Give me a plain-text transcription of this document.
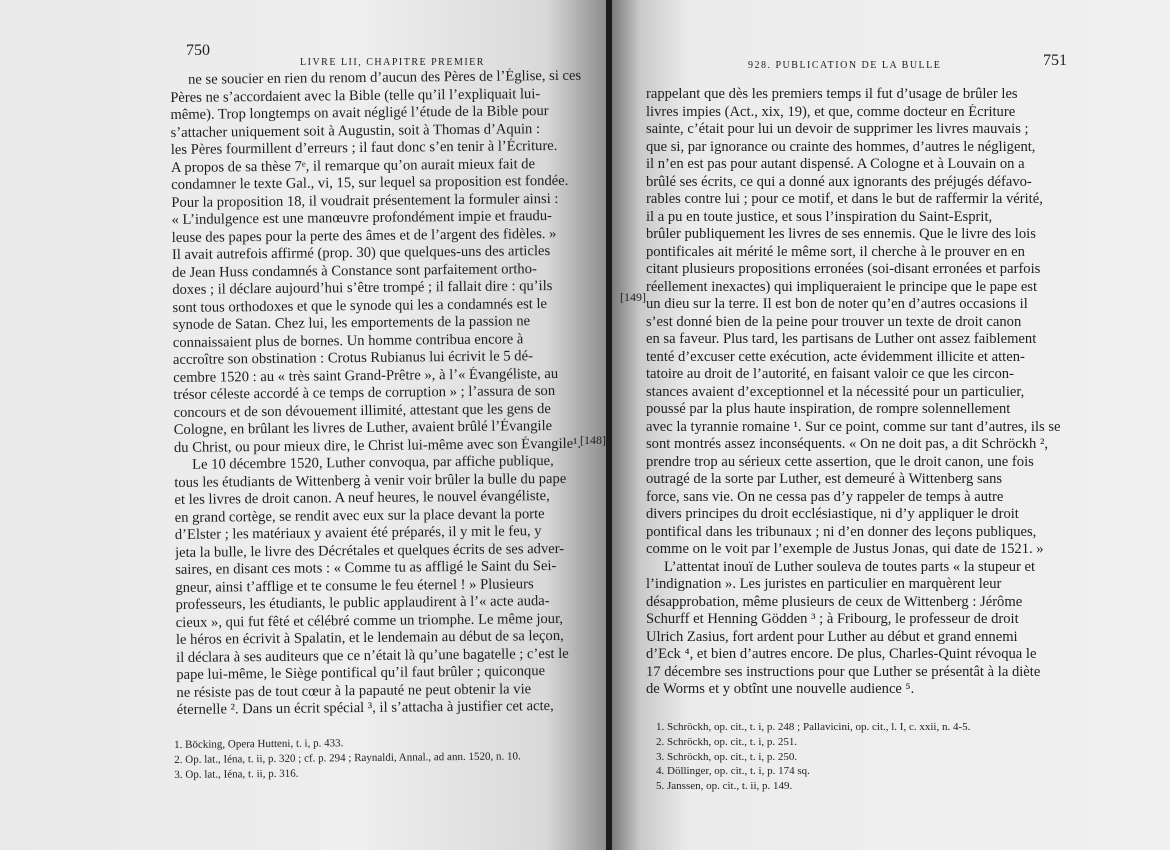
750
LIVRE LII, CHAPITRE PREMIER
ne se soucier en rien du renom d’aucun des Pères de l’Église, si ces
Pères ne s’accordaient avec la Bible (telle qu’il l’expliquait lui-
même). Trop longtemps on avait négligé l’étude de la Bible pour
s’attacher uniquement soit à Augustin, soit à Thomas d’Aquin :
les Pères fourmillent d’erreurs ; il faut donc s’en tenir à l’Écriture.
A propos de sa thèse 7ᵉ, il remarque qu’on aurait mieux fait de
condamner le texte Gal., vi, 15, sur lequel sa proposition est fondée.
Pour la proposition 18, il voudrait présentement la formuler ainsi :
« L’indulgence est une manœuvre profondément impie et fraudu-
leuse des papes pour la perte des âmes et de l’argent des fidèles. »
Il avait autrefois affirmé (prop. 30) que quelques-uns des articles
de Jean Huss condamnés à Constance sont parfaitement ortho-
doxes ; il déclare aujourd’hui s’être trompé ; il fallait dire : qu’ils
sont tous orthodoxes et que le synode qui les a condamnés est le
synode de Satan. Chez lui, les emportements de la passion ne
connaissaient plus de bornes. Un homme contribua encore à
accroître son obstination : Crotus Rubianus lui écrivit le 5 dé-
cembre 1520 : au « très saint Grand-Prêtre », à l’« Évangéliste, au
trésor céleste accordé à ce temps de corruption » ; l’assura de son
concours et de son dévouement illimité, attestant que les gens de
Cologne, en brûlant les livres de Luther, avaient brûlé l’Évangile
du Christ, ou pour mieux dire, le Christ lui-même avec son Évangile¹.
Le 10 décembre 1520, Luther convoqua, par affiche publique,
tous les étudiants de Wittenberg à venir voir brûler la bulle du pape
et les livres de droit canon. A neuf heures, le nouvel évangéliste,
en grand cortège, se rendit avec eux sur la place devant la porte
d’Elster ; les matériaux y avaient été préparés, il y mit le feu, y
jeta la bulle, le livre des Décrétales et quelques écrits de ses adver-
saires, en disant ces mots : « Comme tu as affligé le Saint du Sei-
gneur, ainsi t’afflige et te consume le feu éternel ! » Plusieurs
professeurs, les étudiants, le public applaudirent à l’« acte auda-
cieux », qui fut fêté et célébré comme un triomphe. Le même jour,
le héros en écrivit à Spalatin, et le lendemain au début de sa leçon,
il déclara à ses auditeurs que ce n’était là qu’une bagatelle ; c’est le
pape lui-même, le Siège pontifical qu’il faut brûler ; quiconque
ne résiste pas de tout cœur à la papauté ne peut obtenir la vie
éternelle ². Dans un écrit spécial ³, il s’attacha à justifier cet acte,
[148]
1. Böcking, Opera Hutteni, t. i, p. 433.
2. Op. lat., Iéna, t. ii, p. 320 ; cf. p. 294 ; Raynaldi, Annal., ad ann. 1520, n. 10.
3. Op. lat., Iéna, t. ii, p. 316.
928. PUBLICATION DE LA BULLE	751
rappelant que dès les premiers temps il fut d’usage de brûler les
livres impies (Act., xix, 19), et que, comme docteur en Écriture
sainte, c’était pour lui un devoir de supprimer les livres mauvais ;
que si, par ignorance ou crainte des hommes, d’autres le négligent,
il n’en est pas pour autant dispensé. A Cologne et à Louvain on a
brûlé ses écrits, ce qui a donné aux ignorants des préjugés défavo-
rables contre lui ; pour ce motif, et dans le but de raffermir la vérité,
il a pu en toute justice, et sous l’inspiration du Saint-Esprit,
brûler publiquement les livres de ses ennemis. Que le livre des lois
pontificales ait mérité le même sort, il cherche à le prouver en en
citant plusieurs propositions erronées (soi-disant erronées et parfois
réellement inexactes) qui impliqueraient le principe que le pape est
un dieu sur la terre. Il est bon de noter qu’en d’autres occasions il
s’est donné bien de la peine pour trouver un texte de droit canon
en sa faveur. Plus tard, les partisans de Luther ont assez faiblement
tenté d’excuser cette exécution, acte évidemment illicite et atten-
tatoire au droit de l’autorité, en faisant valoir ce que les circon-
stances avaient d’exceptionnel et la nécessité pour un particulier,
poussé par la plus haute inspiration, de rompre solennellement
avec la tyrannie romaine ¹. Sur ce point, comme sur tant d’autres, ils se
sont montrés assez inconséquents. « On ne doit pas, a dit Schröckh ²,
prendre trop au sérieux cette assertion, que le droit canon, une fois
outragé de la sorte par Luther, est demeuré à Wittenberg sans
force, sans vie. On ne cessa pas d’y rappeler de temps à autre
divers principes du droit ecclésiastique, ni d’y appliquer le droit
pontifical dans les tribunaux ; ni d’en donner des leçons publiques,
comme on le voit par l’exemple de Justus Jonas, qui date de 1521. »
L’attentat inouï de Luther souleva de toutes parts « la stupeur et
l’indignation ». Les juristes en particulier en marquèrent leur
désapprobation, même plusieurs de ceux de Wittenberg : Jérôme
Schurff et Henning Gödden ³ ; à Fribourg, le professeur de droit
Ulrich Zasius, fort ardent pour Luther au début et grand ennemi
d’Eck ⁴, et bien d’autres encore. De plus, Charles-Quint révoqua le
17 décembre ses instructions pour que Luther se présentât à la diète
de Worms et y obtînt une nouvelle audience ⁵.
[149]
1. Schröckh, op. cit., t. i, p. 248 ; Pallavicini, op. cit., l. I, c. xxii, n. 4-5.
2. Schröckh, op. cit., t. i, p. 251.
3. Schröckh, op. cit., t. i, p. 250.
4. Döllinger, op. cit., t. i, p. 174 sq.
5. Janssen, op. cit., t. ii, p. 149.
